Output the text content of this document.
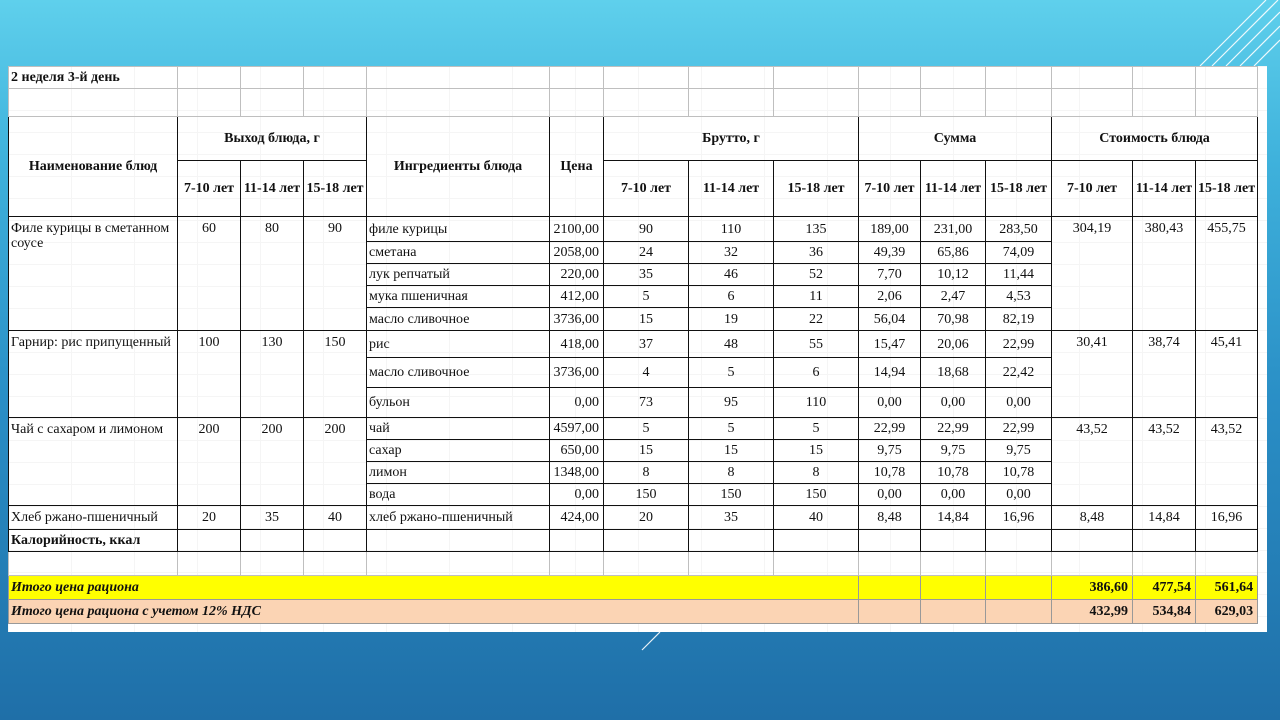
2 неделя 3-й день														

Наименование блюд	Выход блюда, г			Ингредиенты блюда	Цена	Брутто, г			Сумма			Стоимость блюда		
	7-10 лет	11-14 лет	15-18 лет			7-10 лет	11-14 лет	15-18 лет	7-10 лет	11-14 лет	15-18 лет	7-10 лет	11-14 лет	15-18 лет
Филе курицы в сметанном соусе	60	80	90	филе курицы	2100,00	90	110	135	189,00	231,00	283,50	304,19	380,43	455,75
				сметана	2058,00	24	32	36	49,39	65,86	74,09			
				лук репчатый	220,00	35	46	52	7,70	10,12	11,44			
				мука пшеничная	412,00	5	6	11	2,06	2,47	4,53			
				масло сливочное	3736,00	15	19	22	56,04	70,98	82,19			
Гарнир: рис припущенный	100	130	150	рис	418,00	37	48	55	15,47	20,06	22,99	30,41	38,74	45,41
				масло сливочное	3736,00	4	5	6	14,94	18,68	22,42			
				бульон	0,00	73	95	110	0,00	0,00	0,00			
Чай с сахаром и лимоном	200	200	200	чай	4597,00	5	5	5	22,99	22,99	22,99	43,52	43,52	43,52
				сахар	650,00	15	15	15	9,75	9,75	9,75			
				лимон	1348,00	8	8	8	10,78	10,78	10,78			
				вода	0,00	150	150	150	0,00	0,00	0,00			
Хлеб ржано-пшеничный	20	35	40	хлеб ржано-пшеничный	424,00	20	35	40	8,48	14,84	16,96	8,48	14,84	16,96
Калорийность, ккал														

Итого цена рациона												386,60	477,54	561,64
Итого цена рациона с учетом 12% НДС												432,99	534,84	629,03
